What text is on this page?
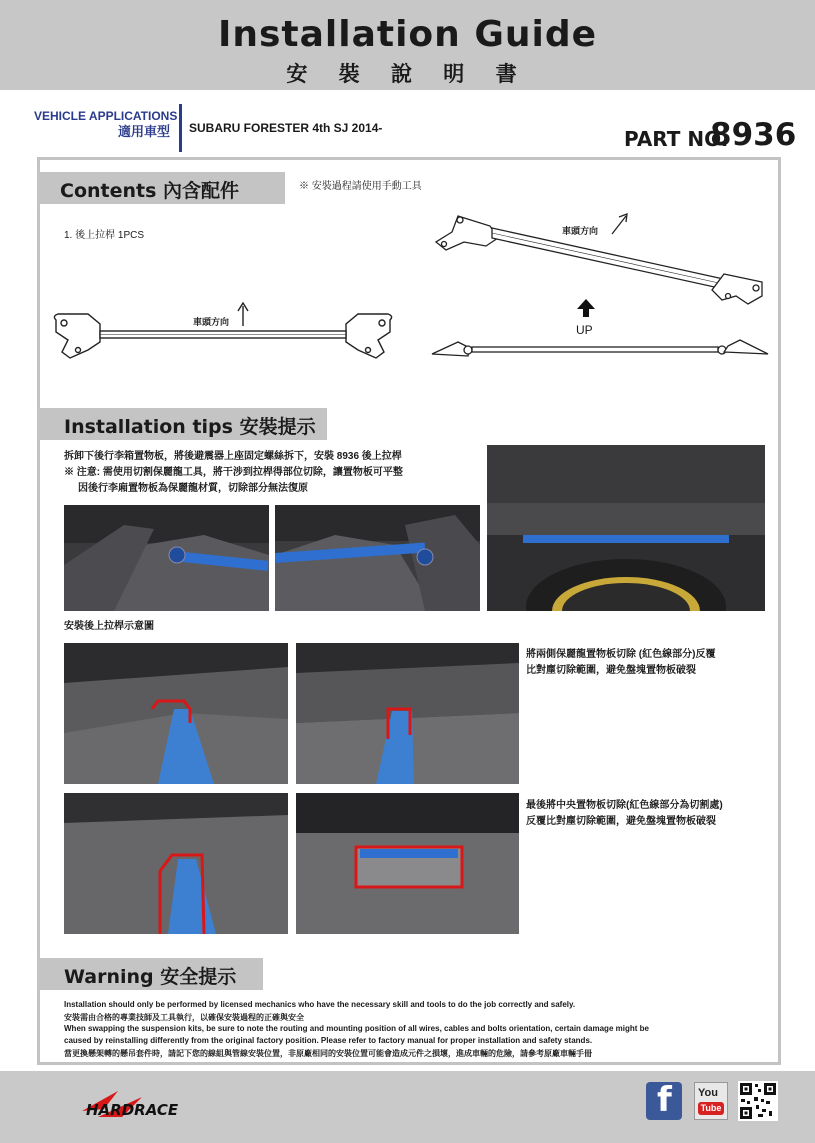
Installation Guide
安 裝 說 明 書
VEHICLE APPLICATIONS
適用車型 SUBARU FORESTER 4th SJ 2014-	PART NO.
8936
Contents 內含配件	※ 安裝過程請使用手動工具
1. 後上拉桿 1PCS
車頭方向
車頭方向
UP
Installation tips 安裝提示
拆卸下後行李箱置物板，將後避震器上座固定螺絲拆下，安裝 8936 後上拉桿
※ 注意: 需使用切割保麗龍工具，將干涉到拉桿得部位切除，讓置物板可平整
因後行李廂置物板為保麗龍材質，切除部分無法復原
安裝後上拉桿示意圖
將兩側保麗龍置物板切除 (紅色線部分)反覆
比對塵切除範圍，避免盤塊置物板破裂
最後將中央置物板切除(紅色線部分為切割處)
反覆比對塵切除範圍，避免盤塊置物板破裂
Warning 安全提示
Installation should only be performed by licensed mechanics who have the necessary skill and tools to do the job correctly and safely.
安裝需由合格的專業技師及工具執行，以確保安裝過程的正確與安全
When swapping the suspension kits, be sure to note the routing and mounting position of all wires, cables and bolts orientation, certain damage might be
caused by reinstalling differently from the original factory position. Please refer to factory manual for proper installation and safety stands.
當更換懸架轉的懸吊套件時，請記下您的線組與管線安裝位置，非原廠相同的安裝位置可能會造成元件之損壞，進成車輛的危險，請參考原廠車輛手冊
HARDRACE	f You
Tube
